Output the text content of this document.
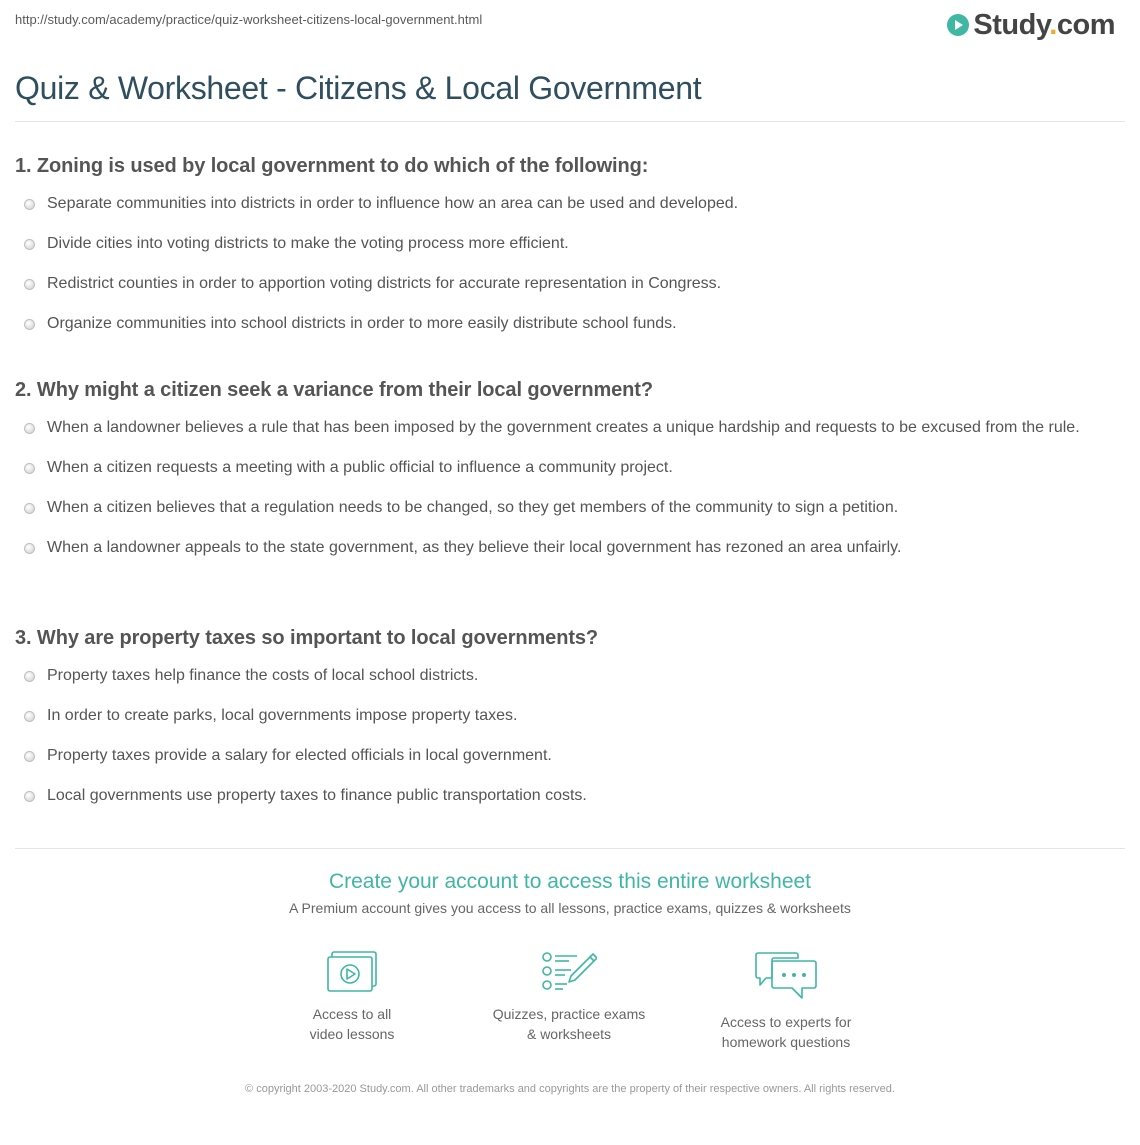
http://study.com/academy/practice/quiz-worksheet-citizens-local-government.html	Study.com
Quiz & Worksheet - Citizens & Local Government
1. Zoning is used by local government to do which of the following:
Separate communities into districts in order to influence how an area can be used and developed.
Divide cities into voting districts to make the voting process more efficient.
Redistrict counties in order to apportion voting districts for accurate representation in Congress.
Organize communities into school districts in order to more easily distribute school funds.
2. Why might a citizen seek a variance from their local government?
When a landowner believes a rule that has been imposed by the government creates a unique hardship and requests to be excused from the rule.
When a citizen requests a meeting with a public official to influence a community project.
When a citizen believes that a regulation needs to be changed, so they get members of the community to sign a petition.
When a landowner appeals to the state government, as they believe their local government has rezoned an area unfairly.
3. Why are property taxes so important to local governments?
Property taxes help finance the costs of local school districts.
In order to create parks, local governments impose property taxes.
Property taxes provide a salary for elected officials in local government.
Local governments use property taxes to finance public transportation costs.
Create your account to access this entire worksheet
A Premium account gives you access to all lessons, practice exams, quizzes & worksheets
Access to all
video lessons
Quizzes, practice exams
& worksheets
Access to experts for
homework questions
© copyright 2003-2020 Study.com. All other trademarks and copyrights are the property of their respective owners. All rights reserved.
